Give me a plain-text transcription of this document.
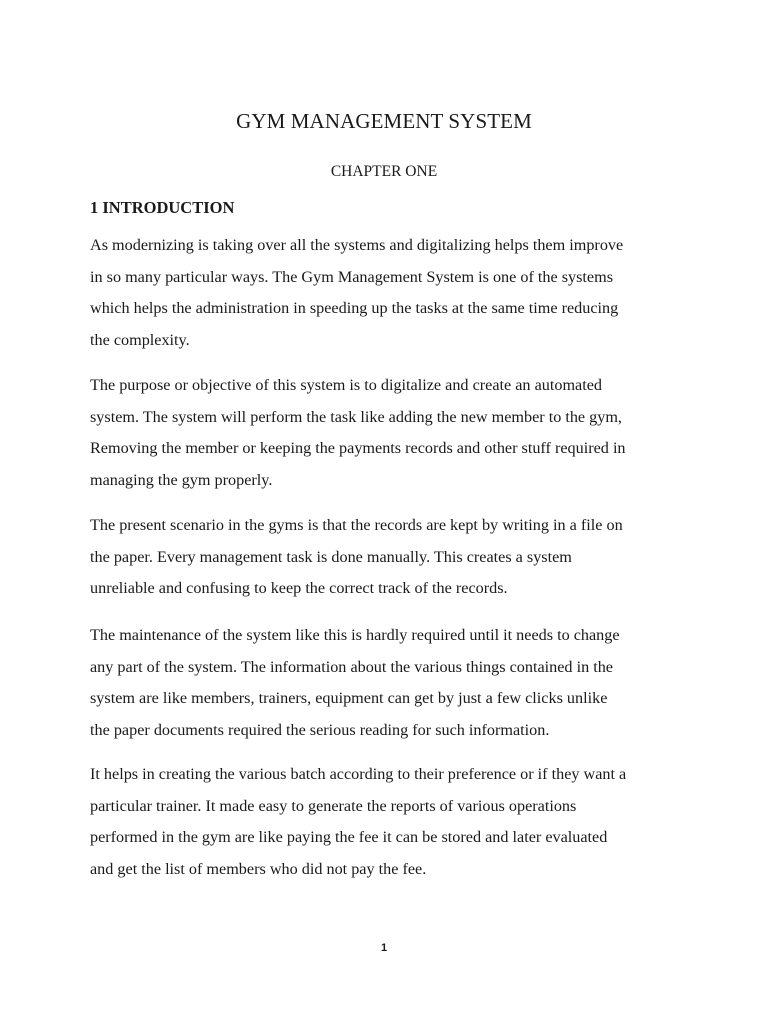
GYM MANAGEMENT SYSTEM
CHAPTER ONE
1 INTRODUCTION

As modernizing is taking over all the systems and digitalizing helps them improve
in so many particular ways. The Gym Management System is one of the systems
which helps the administration in speeding up the tasks at the same time reducing
the complexity.

The purpose or objective of this system is to digitalize and create an automated
system. The system will perform the task like adding the new member to the gym,
Removing the member or keeping the payments records and other stuff required in
managing the gym properly.

The present scenario in the gyms is that the records are kept by writing in a file on
the paper. Every management task is done manually. This creates a system
unreliable and confusing to keep the correct track of the records.

The maintenance of the system like this is hardly required until it needs to change
any part of the system. The information about the various things contained in the
system are like members, trainers, equipment can get by just a few clicks unlike
the paper documents required the serious reading for such information.

It helps in creating the various batch according to their preference or if they want a
particular trainer. It made easy to generate the reports of various operations
performed in the gym are like paying the fee it can be stored and later evaluated
and get the list of members who did not pay the fee.

1
